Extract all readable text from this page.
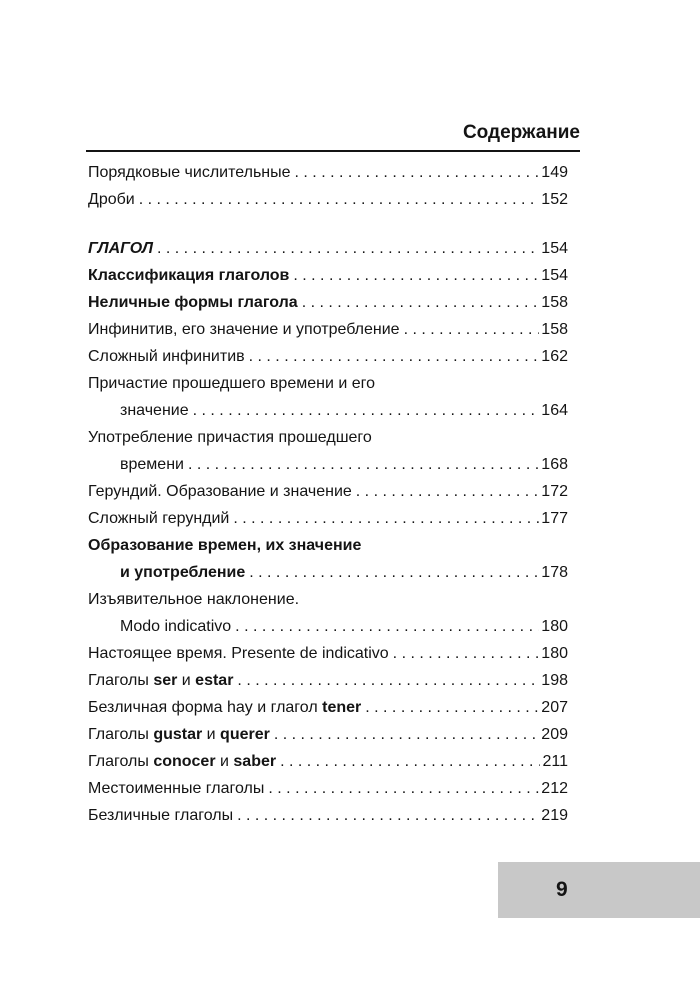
Содержание
Порядковые числительные . . .	149
Дроби . . .	152
ГЛАГОЛ . . .	154
Классификация глаголов . . .	154
Неличные формы глагола . . .	158
Инфинитив, его значение и употребление . . .	158
Сложный инфинитив . . .	162
Причастие прошедшего времени и его
значение . . .	164
Употребление причастия прошедшего
времени . . .	168
Герундий. Образование и значение . . .	172
Сложный герундий . . .	177
Образование времен, их значение
и употребление . . .	178
Изъявительное наклонение.
Modo indicativo . . .	180
Настоящее время. Presente de indicativo . . .	180
Глаголы ser и estar . . .	198
Безличная форма hay и глагол tener . . .	207
Глаголы gustar и querer . . .	209
Глаголы conocer и saber . . .	211
Местоименные глаголы . . .	212
Безличные глаголы . . .	219
9
